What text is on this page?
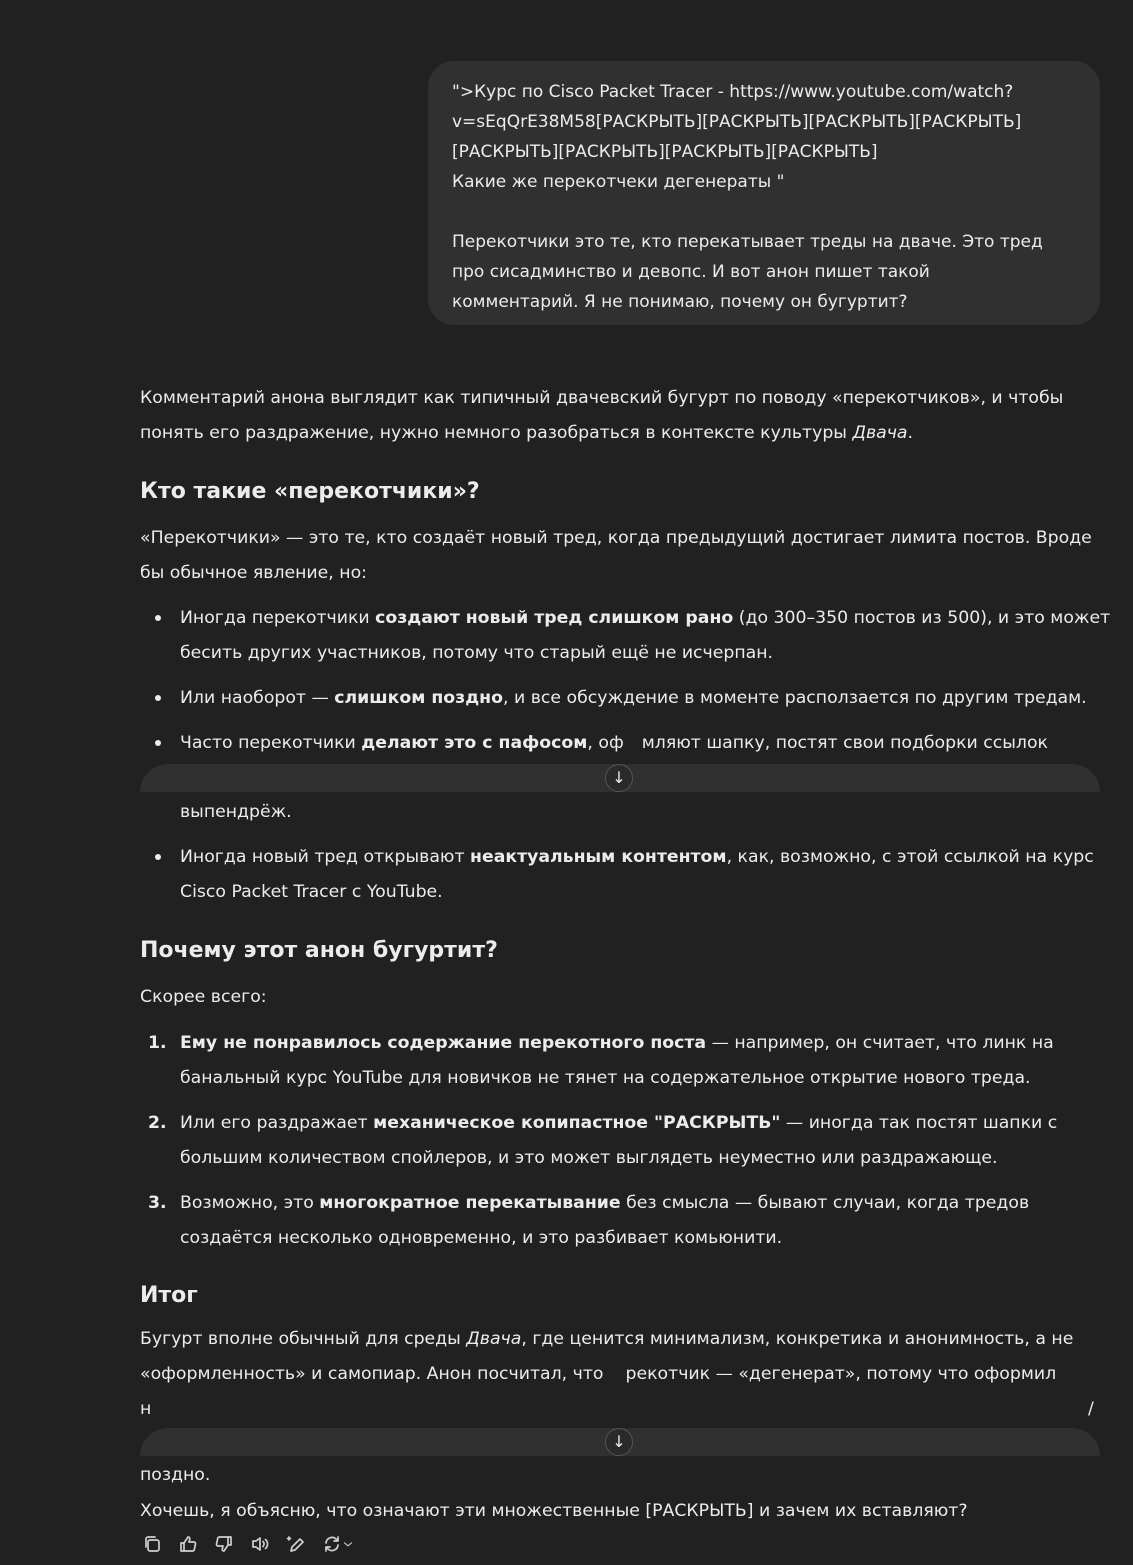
">Курс по Cisco Packet Tracer - https://www.youtube.com/watch?
v=sEqQrE38M58[РАСКРЫТЬ][РАСКРЫТЬ][РАСКРЫТЬ][РАСКРЫТЬ]
[РАСКРЫТЬ][РАСКРЫТЬ][РАСКРЫТЬ][РАСКРЫТЬ]
Какие же перекотчеки дегенераты "
Перекотчики это те, кто перекатывает треды на дваче. Это тред
про сисадминство и девопс. И вот анон пишет такой
комментарий. Я не понимаю, почему он бугуртит?
Комментарий анона выглядит как типичный двачевский бугурт по поводу «перекотчиков», и чтобы
понять его раздражение, нужно немного разобраться в контексте культуры Двача.
Кто такие «перекотчики»?
«Перекотчики» — это те, кто создаёт новый тред, когда предыдущий достигает лимита постов. Вроде
бы обычное явление, но:
Иногда перекотчики создают новый тред слишком рано (до 300–350 постов из 500), и это может
бесить других участников, потому что старый ещё не исчерпан.
Или наоборот — слишком поздно, и все обсуждение в моменте расползается по другим тредам.
Часто перекотчики делают это с пафосом, оф мляют шапку, постят свои подборки ссылок
выпендрёж.
Иногда новый тред открывают неактуальным контентом, как, возможно, с этой ссылкой на курс
Cisco Packet Tracer с YouTube.
Почему этот анон бугуртит?
Скорее всего:
1. Ему не понравилось содержание перекотного поста — например, он считает, что линк на
банальный курс YouTube для новичков не тянет на содержательное открытие нового треда.
2. Или его раздражает механическое копипастное "РАСКРЫТЬ" — иногда так постят шапки с
большим количеством спойлеров, и это может выглядеть неуместно или раздражающе.
3. Возможно, это многократное перекатывание без смысла — бывают случаи, когда тредов
создаётся несколько одновременно, и это разбивает комьюнити.
Итог
Бугурт вполне обычный для среды Двача, где ценится минимализм, конкретика и анонимность, а не
«оформленность» и самопиар. Анон посчитал, что рекотчик — «дегенерат», потому что оформил
н	/
поздно.
Хочешь, я объясню, что означают эти множественные [РАСКРЫТЬ] и зачем их вставляют?
↓
↓
